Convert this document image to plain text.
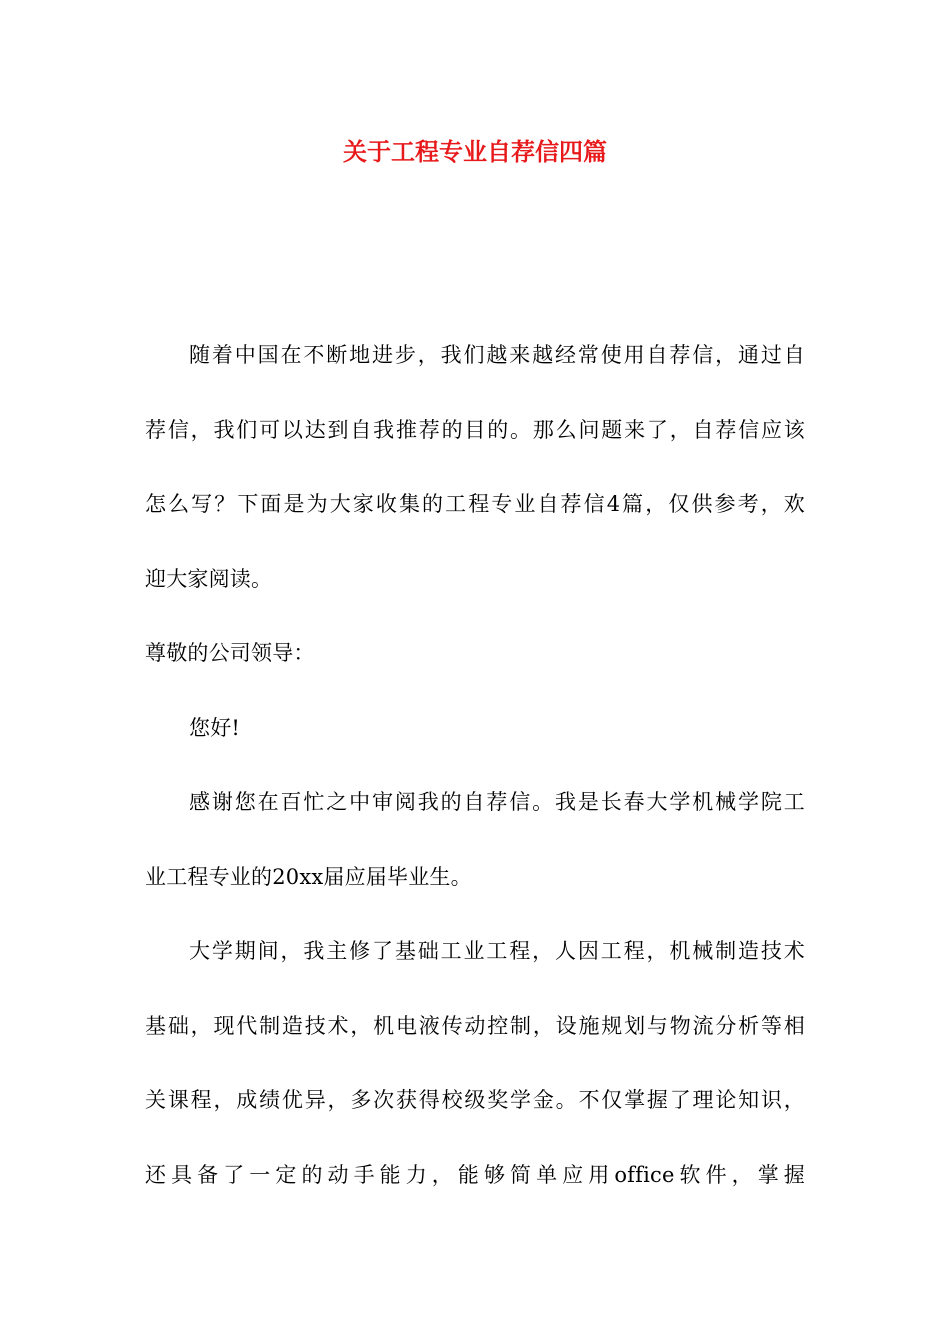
关于工程专业自荐信四篇
随着中国在不断地进步，我们越来越经常使用自荐信，通过自
荐信，我们可以达到自我推荐的目的。那么问题来了，自荐信应该
怎么写？下面是为大家收集的工程专业自荐信4篇，仅供参考，欢
迎大家阅读。
尊敬的公司领导：
您好!
感谢您在百忙之中审阅我的自荐信。我是长春大学机械学院工
业工程专业的20xx届应届毕业生。
大学期间，我主修了基础工业工程，人因工程，机械制造技术
基础，现代制造技术，机电液传动控制，设施规划与物流分析等相
关课程，成绩优异，多次获得校级奖学金。不仅掌握了理论知识，
还具备了一定的动手能力，能够简单应用office软件，掌握
